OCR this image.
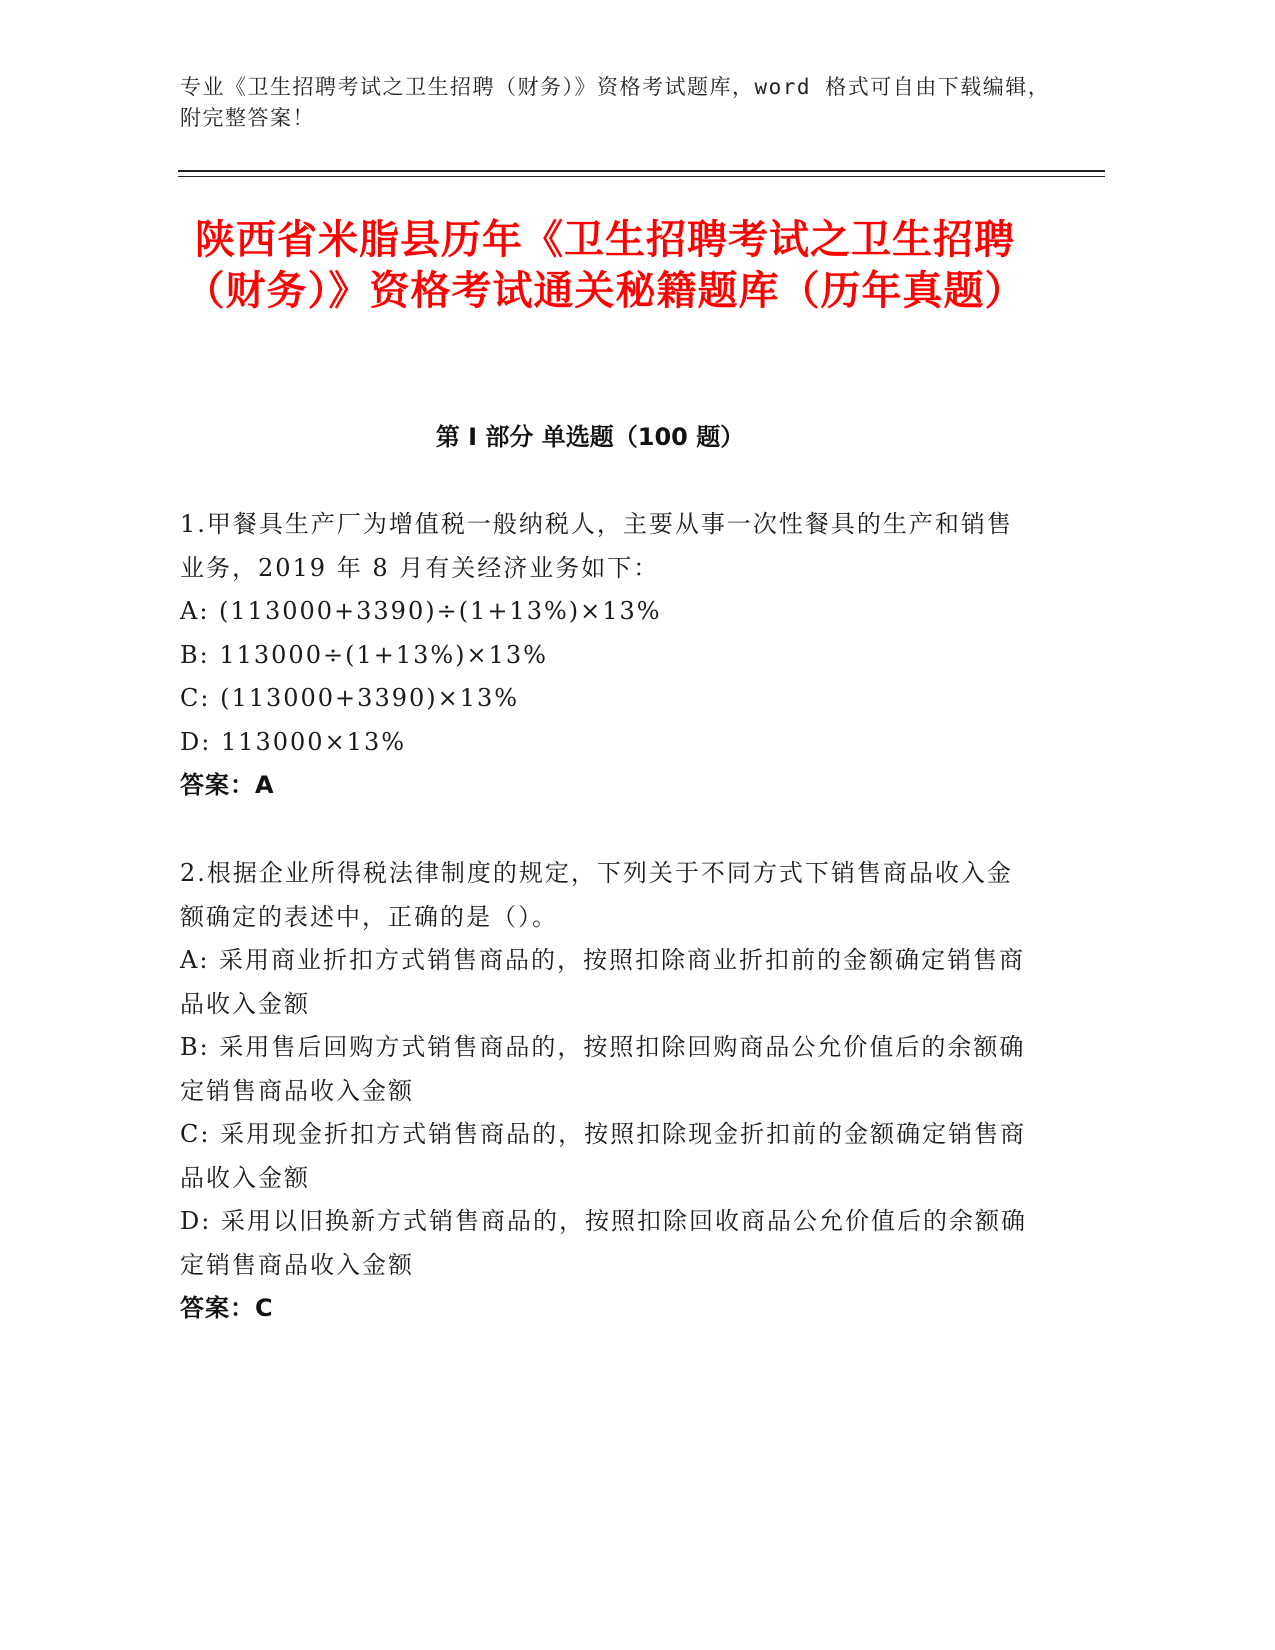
专业《卫生招聘考试之卫生招聘（财务）》资格考试题库，word 格式可自由下载编辑，附完整答案！
陕西省米脂县历年《卫生招聘考试之卫生招聘（财务）》资格考试通关秘籍题库（历年真题）
第 I 部分 单选题（100 题）
1.甲餐具生产厂为增值税一般纳税人，主要从事一次性餐具的生产和销售业务，2019 年 8 月有关经济业务如下：
A: (113000+3390)÷(1+13%)×13%
B: 113000÷(1+13%)×13%
C: (113000+3390)×13%
D: 113000×13%
答案：A
2.根据企业所得税法律制度的规定，下列关于不同方式下销售商品收入金额确定的表述中，正确的是（）。
A: 采用商业折扣方式销售商品的，按照扣除商业折扣前的金额确定销售商品收入金额
B: 采用售后回购方式销售商品的，按照扣除回购商品公允价值后的余额确定销售商品收入金额
C: 采用现金折扣方式销售商品的，按照扣除现金折扣前的金额确定销售商品收入金额
D: 采用以旧换新方式销售商品的，按照扣除回收商品公允价值后的余额确定销售商品收入金额
答案：C
